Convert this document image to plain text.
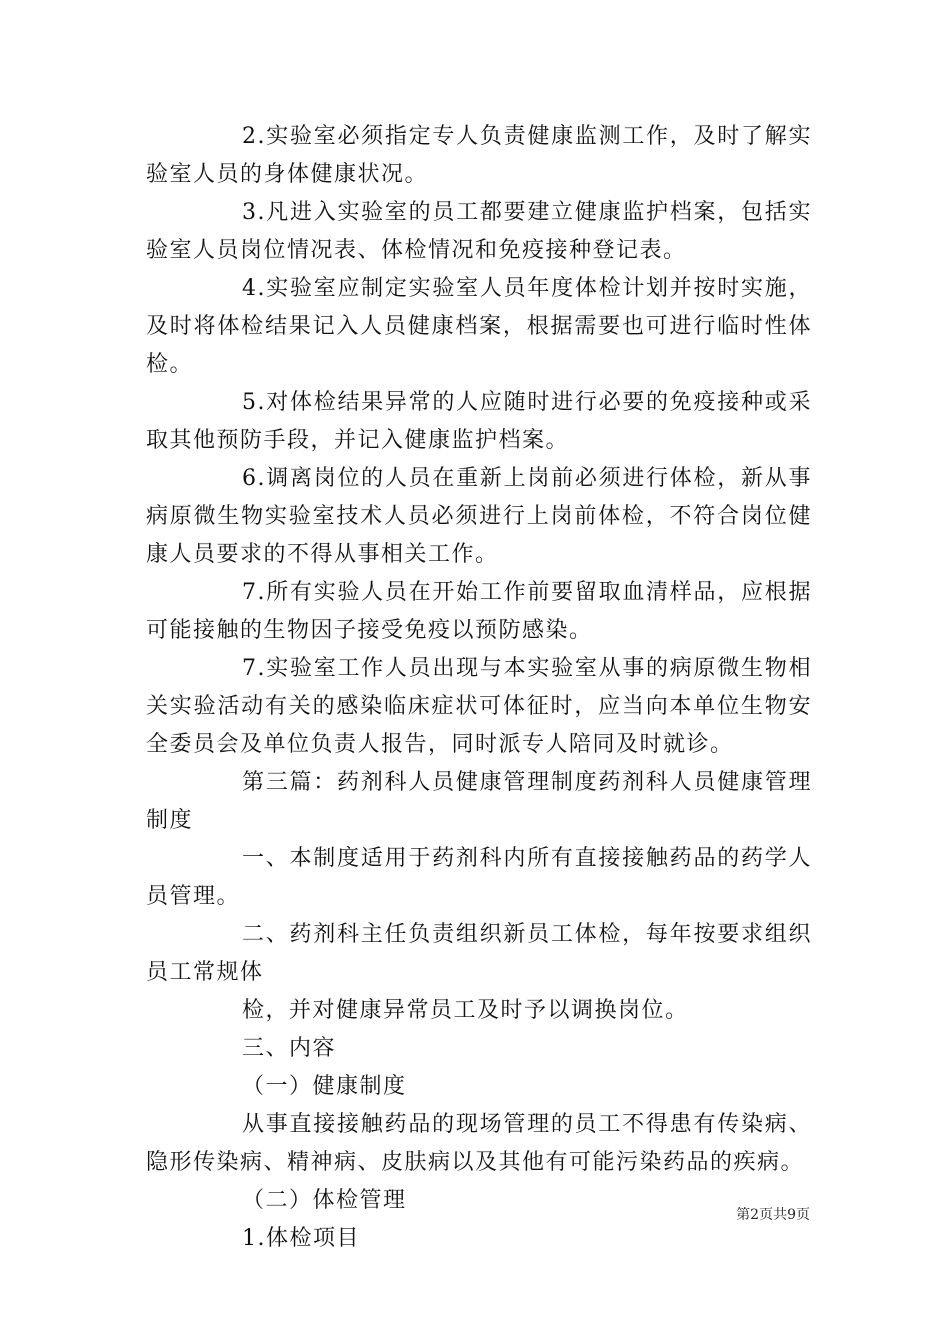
2.实验室必须指定专人负责健康监测工作，及时了解实验室人员的身体健康状况。

3.凡进入实验室的员工都要建立健康监护档案，包括实验室人员岗位情况表、体检情况和免疫接种登记表。

4.实验室应制定实验室人员年度体检计划并按时实施，及时将体检结果记入人员健康档案，根据需要也可进行临时性体检。

5.对体检结果异常的人应随时进行必要的免疫接种或采取其他预防手段，并记入健康监护档案。

6.调离岗位的人员在重新上岗前必须进行体检，新从事病原微生物实验室技术人员必须进行上岗前体检，不符合岗位健康人员要求的不得从事相关工作。

7.所有实验人员在开始工作前要留取血清样品，应根据可能接触的生物因子接受免疫以预防感染。

7.实验室工作人员出现与本实验室从事的病原微生物相关实验活动有关的感染临床症状可体征时，应当向本单位生物安全委员会及单位负责人报告，同时派专人陪同及时就诊。

第三篇：药剂科人员健康管理制度药剂科人员健康管理制度

一、本制度适用于药剂科内所有直接接触药品的药学人员管理。

二、药剂科主任负责组织新员工体检，每年按要求组织员工常规体

检，并对健康异常员工及时予以调换岗位。

三、内容

（一）健康制度

从事直接接触药品的现场管理的员工不得患有传染病、隐形传染病、精神病、皮肤病以及其他有可能污染药品的疾病。

（二）体检管理

1.体检项目

第2页共9页
